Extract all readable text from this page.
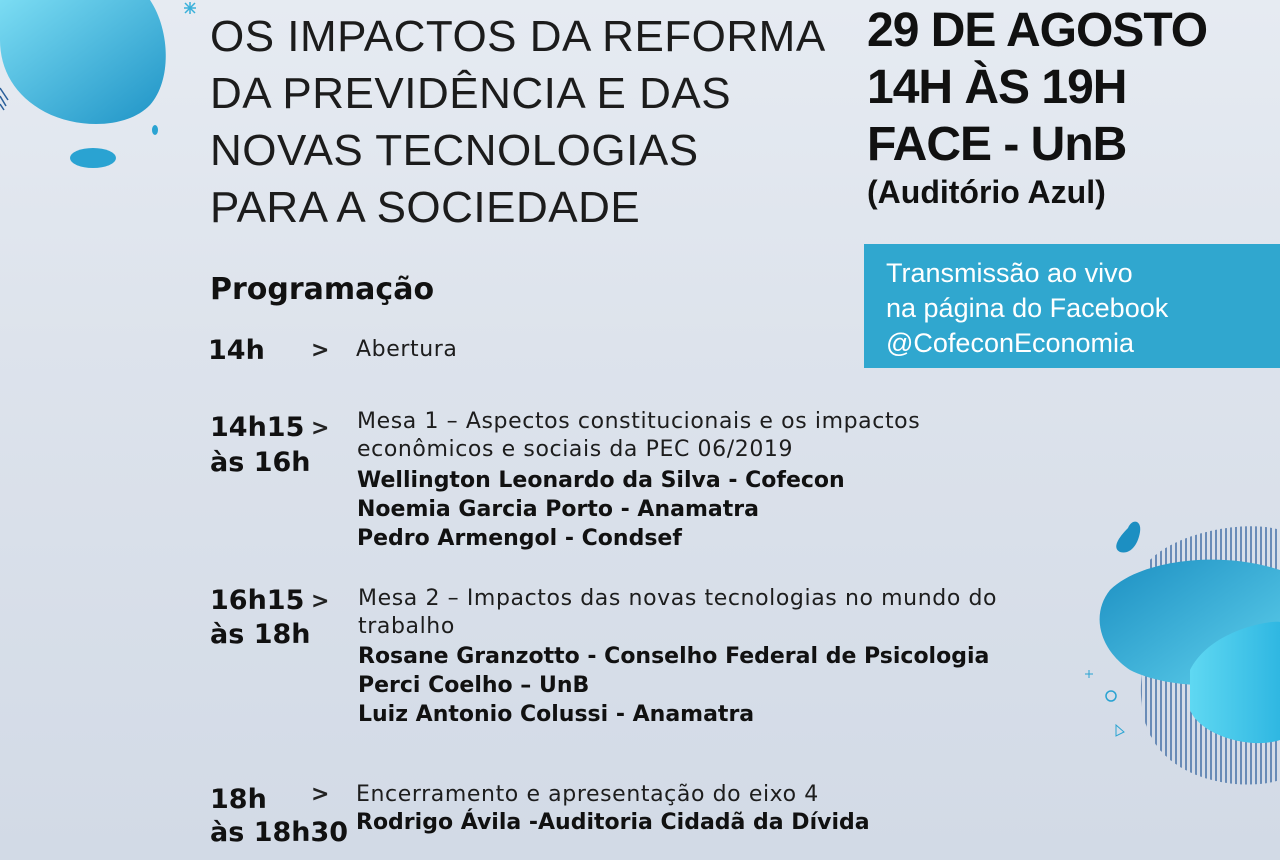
OS IMPACTOS DA REFORMA
DA PREVIDÊNCIA E DAS
NOVAS TECNOLOGIAS
PARA A SOCIEDADE
29 DE AGOSTO
14H ÀS 19H
FACE - UnB
(Auditório Azul)
Transmissão ao vivo
na página do Facebook
@CofeconEconomia
Programação
14h > Abertura
14h15
às 16h
> Mesa 1 – Aspectos constitucionais e os impactos
econômicos e sociais da PEC 06/2019
Wellington Leonardo da Silva - Cofecon
Noemia Garcia Porto - Anamatra
Pedro Armengol - Condsef
16h15
às 18h
> Mesa 2 – Impactos das novas tecnologias no mundo do
trabalho
Rosane Granzotto - Conselho Federal de Psicologia
Perci Coelho – UnB
Luiz Antonio Colussi - Anamatra
18h
às 18h30
> Encerramento e apresentação do eixo 4
Rodrigo Ávila -Auditoria Cidadã da Dívida
